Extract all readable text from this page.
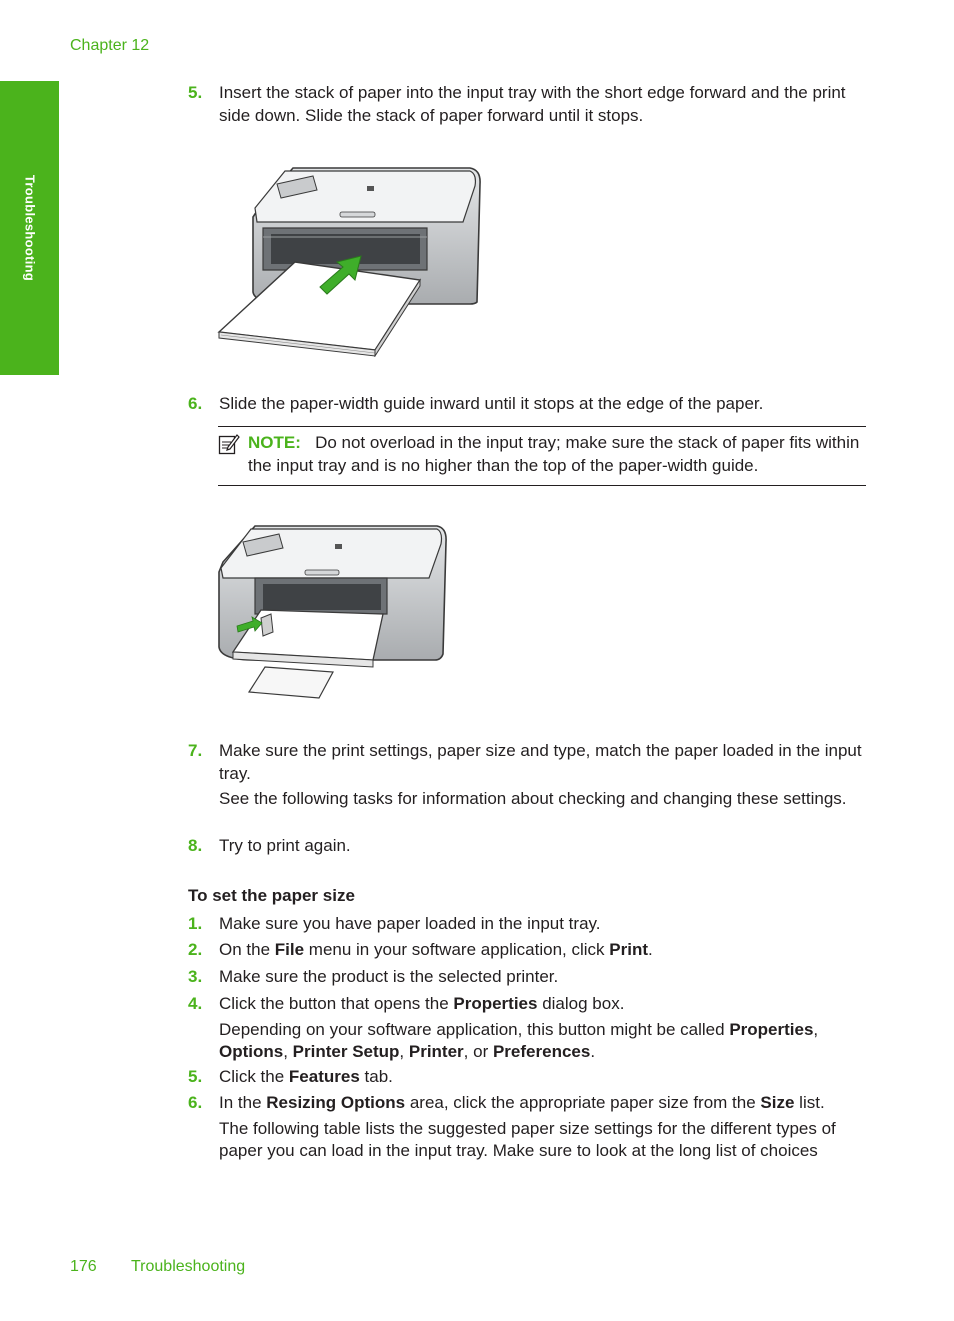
Chapter 12
Troubleshooting
5. Insert the stack of paper into the input tray with the short edge forward and the print side down. Slide the stack of paper forward until it stops.
6. Slide the paper-width guide inward until it stops at the edge of the paper.
NOTE: Do not overload in the input tray; make sure the stack of paper fits within the input tray and is no higher than the top of the paper-width guide.
7. Make sure the print settings, paper size and type, match the paper loaded in the input tray.
See the following tasks for information about checking and changing these settings.
8. Try to print again.
To set the paper size
1. Make sure you have paper loaded in the input tray.
2. On the File menu in your software application, click Print.
3. Make sure the product is the selected printer.
4. Click the button that opens the Properties dialog box.
Depending on your software application, this button might be called Properties, Options, Printer Setup, Printer, or Preferences.
5. Click the Features tab.
6. In the Resizing Options area, click the appropriate paper size from the Size list.
The following table lists the suggested paper size settings for the different types of paper you can load in the input tray. Make sure to look at the long list of choices
176 Troubleshooting
